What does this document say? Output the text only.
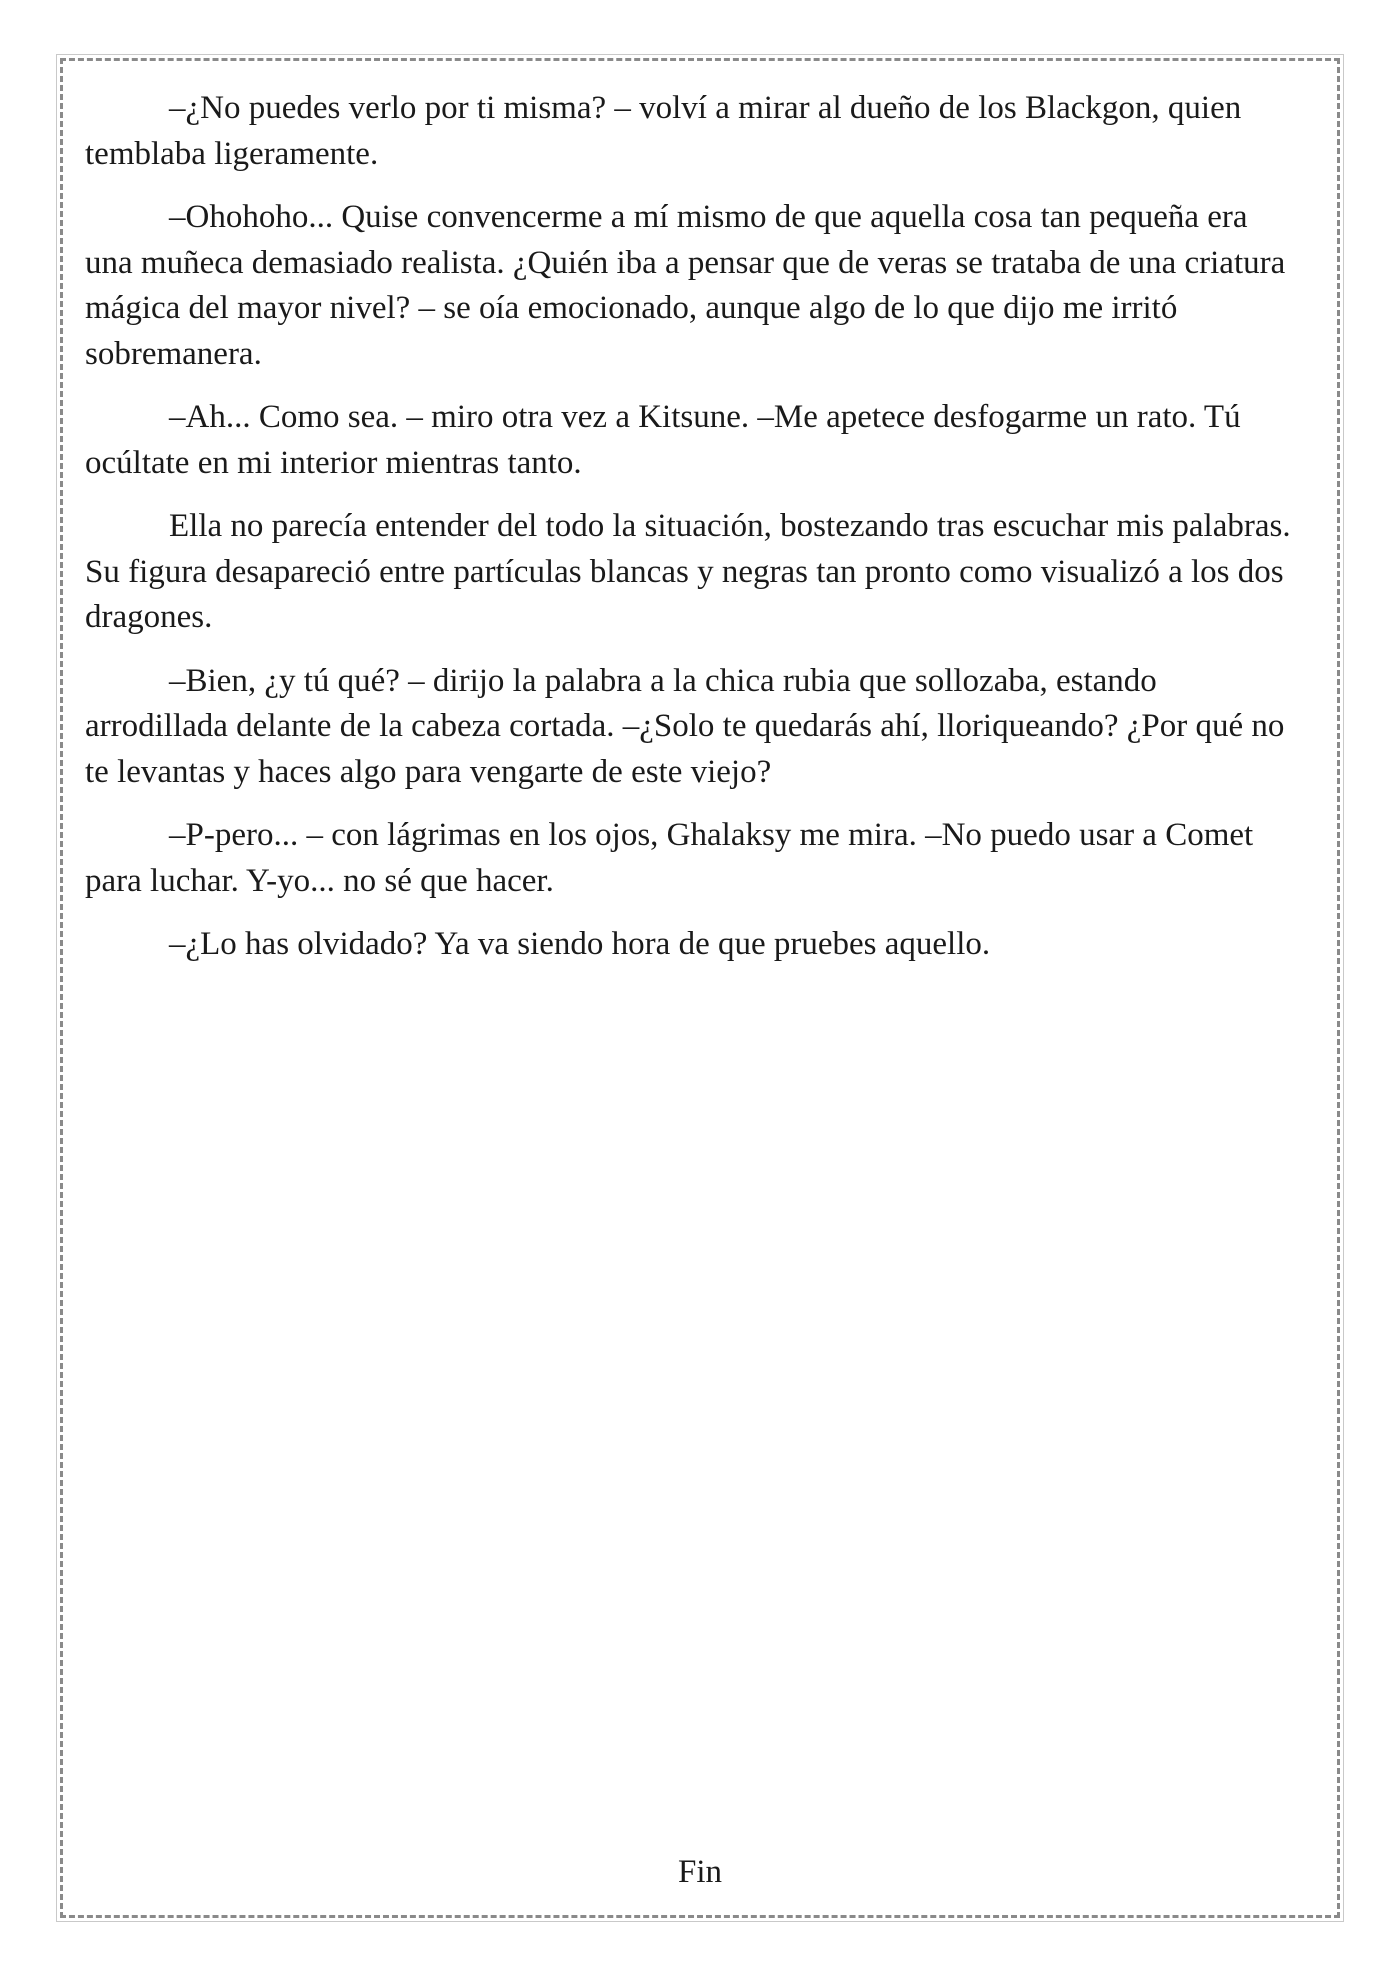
–¿No puedes verlo por ti misma? – volví a mirar al dueño de los Blackgon, quien temblaba ligeramente.

–Ohohoho... Quise convencerme a mí mismo de que aquella cosa tan pequeña era una muñeca demasiado realista. ¿Quién iba a pensar que de veras se trataba de una criatura mágica del mayor nivel? – se oía emocionado, aunque algo de lo que dijo me irritó sobremanera.

–Ah... Como sea. – miro otra vez a Kitsune. –Me apetece desfogarme un rato. Tú ocúltate en mi interior mientras tanto.

Ella no parecía entender del todo la situación, bostezando tras escuchar mis palabras. Su figura desapareció entre partículas blancas y negras tan pronto como visualizó a los dos dragones.

–Bien, ¿y tú qué? – dirijo la palabra a la chica rubia que sollozaba, estando arrodillada delante de la cabeza cortada. –¿Solo te quedarás ahí, lloriqueando? ¿Por qué no te levantas y haces algo para vengarte de este viejo?

–P-pero... – con lágrimas en los ojos, Ghalaksy me mira. –No puedo usar a Comet para luchar. Y-yo... no sé que hacer.

–¿Lo has olvidado? Ya va siendo hora de que pruebes aquello.

Fin
